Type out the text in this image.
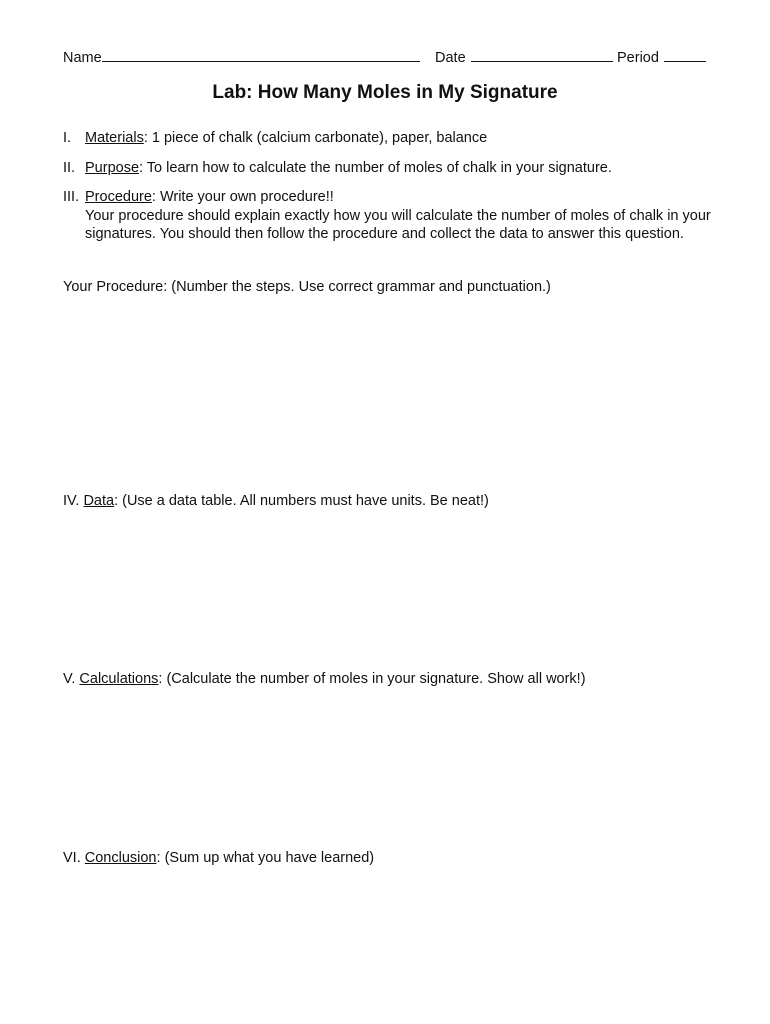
Name	Date	Period
Lab: How Many Moles in My Signature
I. Materials: 1 piece of chalk (calcium carbonate), paper, balance
II. Purpose: To learn how to calculate the number of moles of chalk in your signature.
III. Procedure: Write your own procedure!!
Your procedure should explain exactly how you will calculate the number of moles of chalk in your signatures. You should then follow the procedure and collect the data to answer this question.
Your Procedure: (Number the steps. Use correct grammar and punctuation.)
IV. Data: (Use a data table. All numbers must have units. Be neat!)
V. Calculations: (Calculate the number of moles in your signature. Show all work!)
VI. Conclusion: (Sum up what you have learned)
